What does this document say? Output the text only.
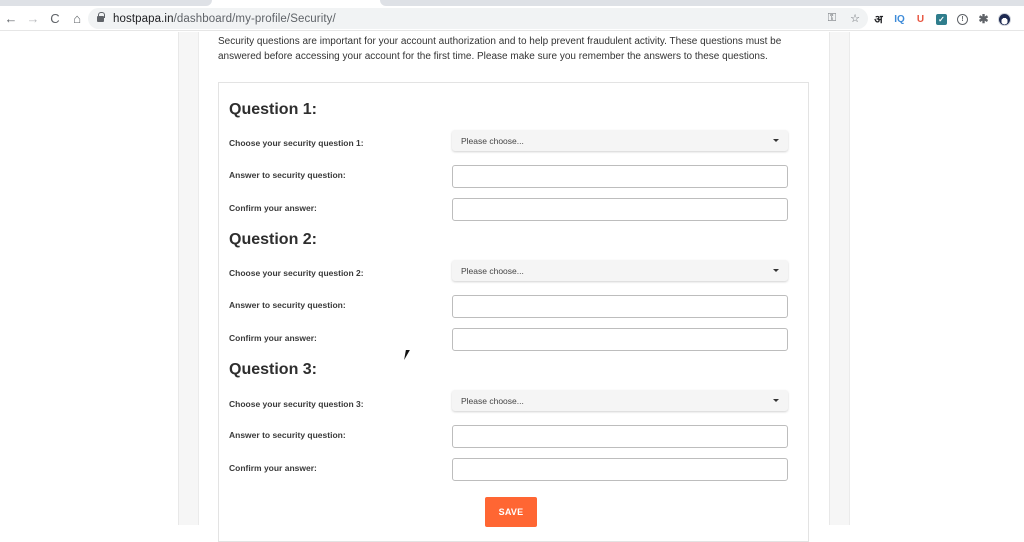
← → C	⌂	hostpapa.in/dashboard/my-profile/Security/	⚿ ☆	अ	IQ	U	✓	!	✱

Security questions are important for your account authorization and to help prevent fraudulent activity. These questions must be answered before accessing your account for the first time. Please make sure you remember the answers to these questions.

Question 1:
Choose your security question 1:	Please choose...
Answer to security question:
Confirm your answer:
Question 2:
Choose your security question 2:	Please choose...
Answer to security question:
Confirm your answer:
Question 3:
Choose your security question 3:	Please choose...
Answer to security question:
Confirm your answer:
SAVE
